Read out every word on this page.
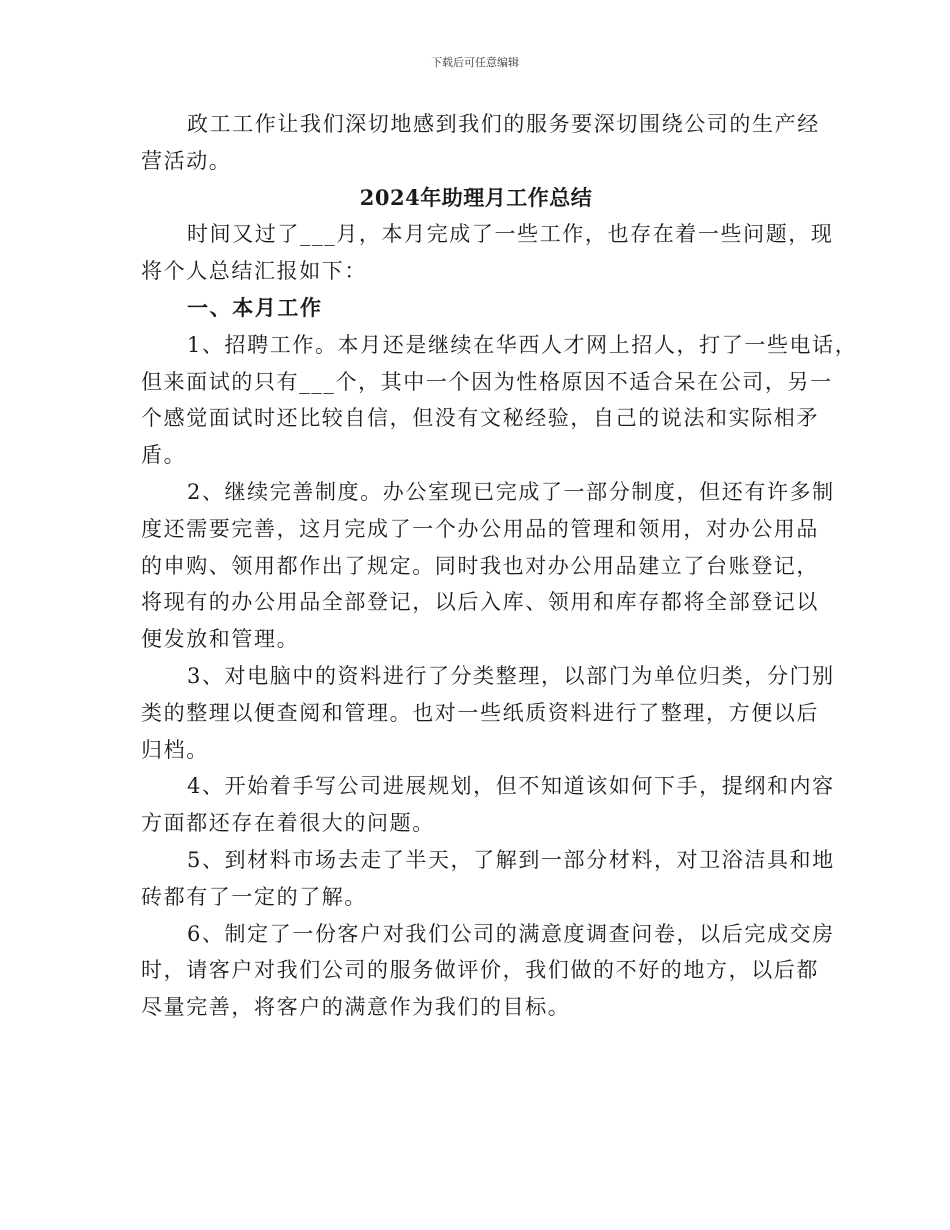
下载后可任意编辑
政工工作让我们深切地感到我们的服务要深切围绕公司的生产经
营活动。
2024年助理月工作总结
时间又过了___月，本月完成了一些工作，也存在着一些问题，现
将个人总结汇报如下：
一、本月工作
1、招聘工作。本月还是继续在华西人才网上招人，打了一些电话，
但来面试的只有___个，其中一个因为性格原因不适合呆在公司，另一
个感觉面试时还比较自信，但没有文秘经验，自己的说法和实际相矛
盾。
2、继续完善制度。办公室现已完成了一部分制度，但还有许多制
度还需要完善，这月完成了一个办公用品的管理和领用，对办公用品
的申购、领用都作出了规定。同时我也对办公用品建立了台账登记，
将现有的办公用品全部登记，以后入库、领用和库存都将全部登记以
便发放和管理。
3、对电脑中的资料进行了分类整理，以部门为单位归类，分门别
类的整理以便查阅和管理。也对一些纸质资料进行了整理，方便以后
归档。
4、开始着手写公司进展规划，但不知道该如何下手，提纲和内容
方面都还存在着很大的问题。
5、到材料市场去走了半天，了解到一部分材料，对卫浴洁具和地
砖都有了一定的了解。
6、制定了一份客户对我们公司的满意度调查问卷，以后完成交房
时，请客户对我们公司的服务做评价，我们做的不好的地方，以后都
尽量完善，将客户的满意作为我们的目标。
